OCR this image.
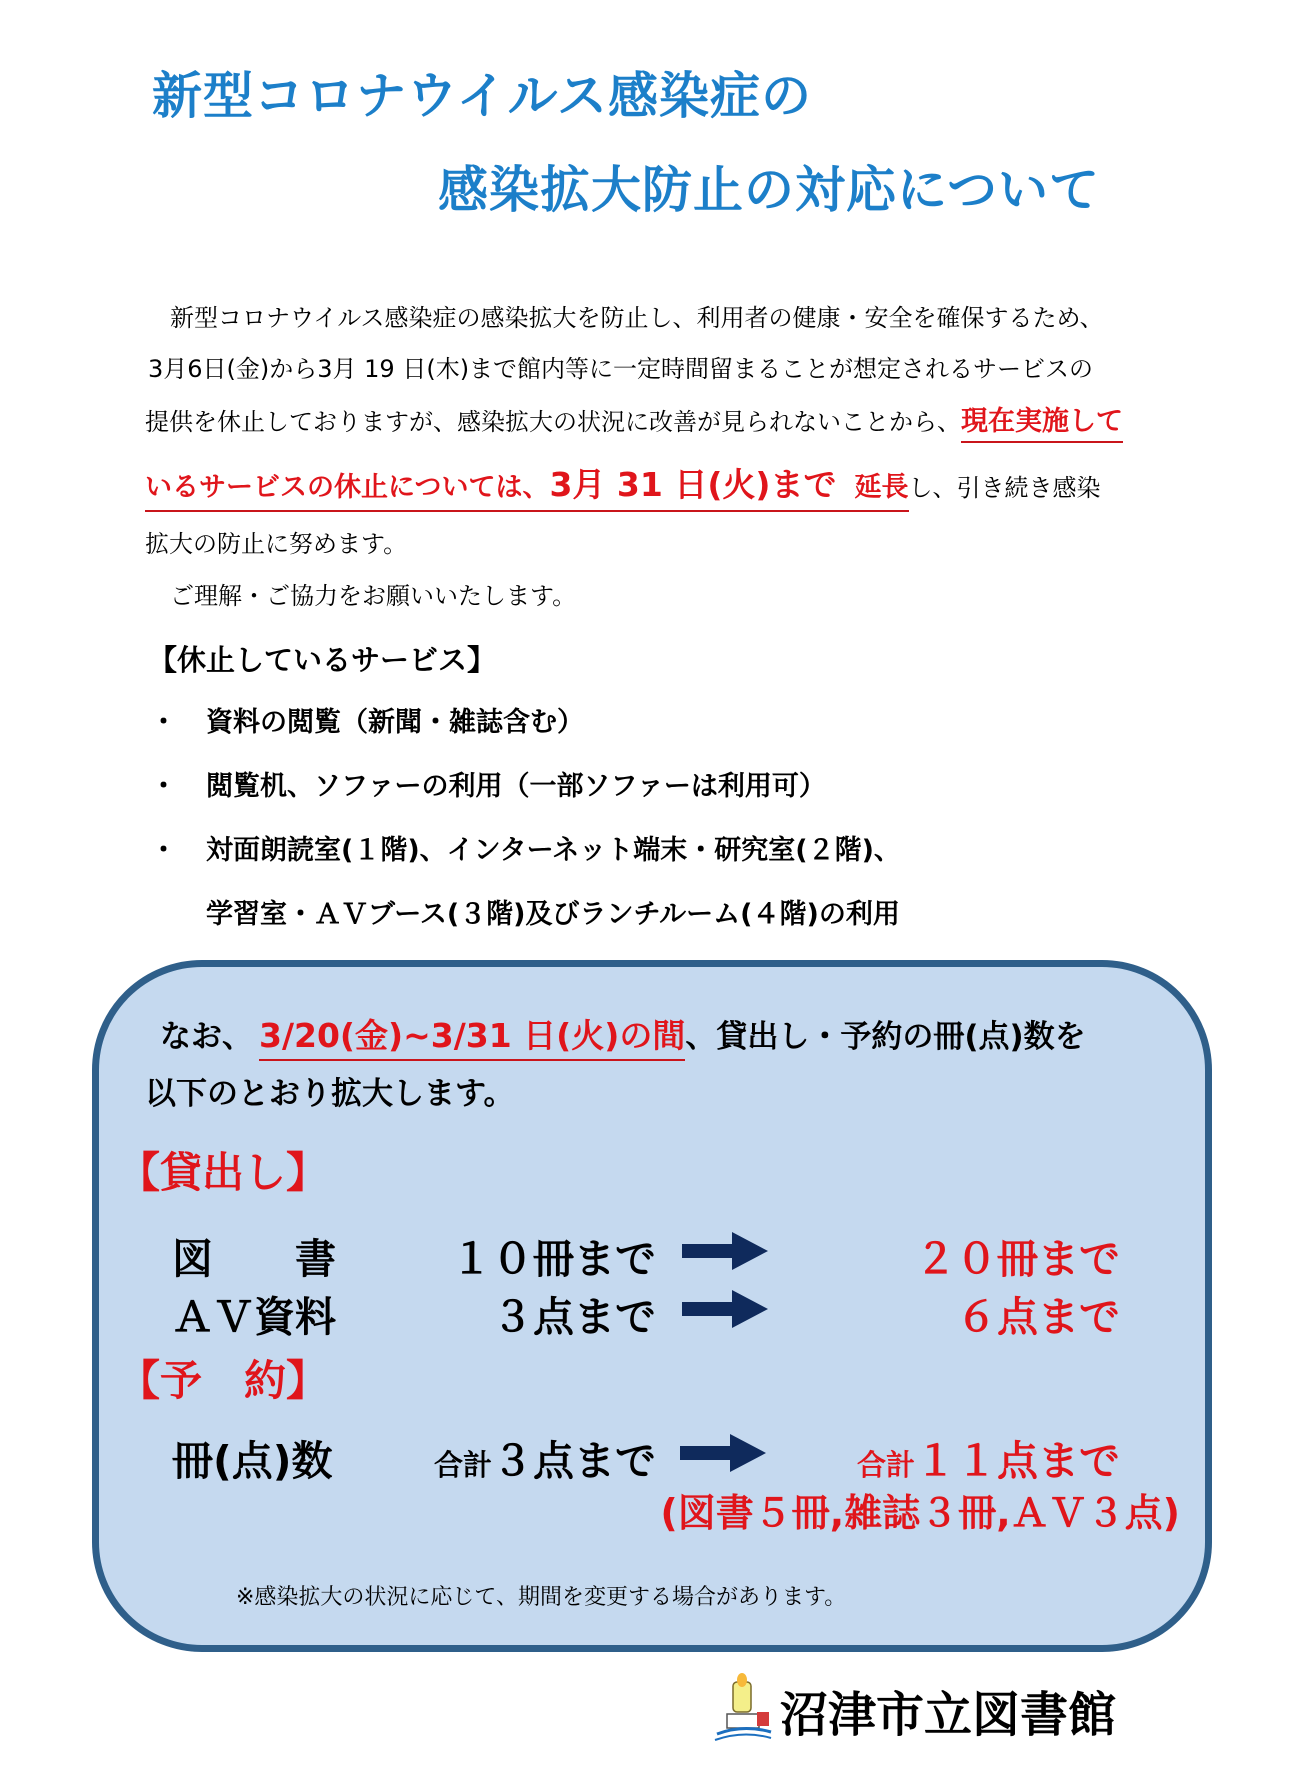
新型コロナウイルス感染症の
感染拡大防止の対応について
新型コロナウイルス感染症の感染拡大を防止し、利用者の健康・安全を確保するため、
3月6日(金)から3月 19 日(木)まで館内等に一定時間留まることが想定されるサービスの
提供を休止しておりますが、感染拡大の状況に改善が見られないことから、現在実施して
いるサービスの休止については、3月 31 日(火)まで 延長し、引き続き感染
拡大の防止に努めます。
ご理解・ご協力をお願いいたします。
【休止しているサービス】
・ 資料の閲覧（新聞・雑誌含む）
・ 閲覧机、ソファーの利用（一部ソファーは利用可）
・ 対面朗読室(１階)、インターネット端末・研究室(２階)、
学習室・ＡＶブース(３階)及びランチルーム(４階)の利用
なお、 3/20(金)~3/31 日(火)の間、貸出し・予約の冊(点)数を
以下のとおり拡大します。
【貸出し】
図　　書	１０冊まで	２０冊まで
ＡＶ資料	３点まで	６点まで
【予　約】
冊(点)数	合計３点まで	合計１１点まで
(図書５冊,雑誌３冊,ＡＶ３点)
※感染拡大の状況に応じて、期間を変更する場合があります。
沼津市立図書館
